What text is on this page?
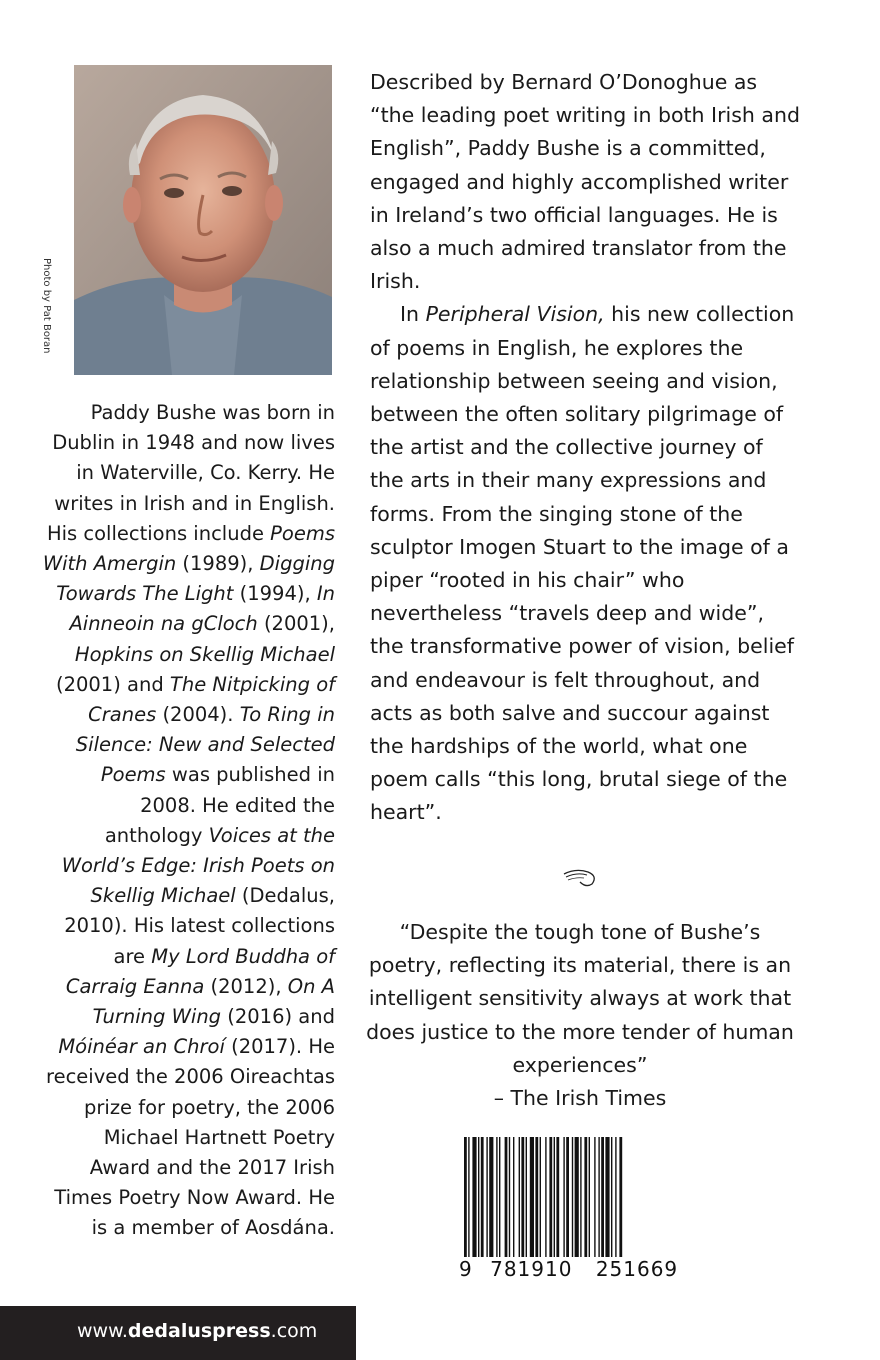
Photo by Pat Boran
Paddy Bushe was born in Dublin in 1948 and now lives in Waterville, Co. Kerry. He writes in Irish and in English. His collections include Poems With Amergin (1989), Digging Towards The Light (1994), In Ainneoin na gCloch (2001), Hopkins on Skellig Michael (2001) and The Nitpicking of Cranes (2004). To Ring in Silence: New and Selected Poems was published in 2008. He edited the anthology Voices at the World’s Edge: Irish Poets on Skellig Michael (Dedalus, 2010). His latest collections are My Lord Buddha of Carraig Eanna (2012), On A Turning Wing (2016) and Móinéar an Chroí (2017). He received the 2006 Oireachtas prize for poetry, the 2006 Michael Hartnett Poetry Award and the 2017 Irish Times Poetry Now Award. He is a member of Aosdána.

Described by Bernard O’Donoghue as “the leading poet writing in both Irish and English”, Paddy Bushe is a committed, engaged and highly accomplished writer in Ireland’s two official languages. He is also a much admired translator from the Irish.

In Peripheral Vision, his new collection of poems in English, he explores the relationship between seeing and vision, between the often solitary pilgrimage of the artist and the collective journey of the arts in their many expressions and forms. From the singing stone of the sculptor Imogen Stuart to the image of a piper “rooted in his chair” who nevertheless “travels deep and wide”, the transformative power of vision, belief and endeavour is felt throughout, and acts as both salve and succour against the hardships of the world, what one poem calls “this long, brutal siege of the heart”.

“Despite the tough tone of Bushe’s poetry, reflecting its material, there is an intelligent sensitivity always at work that does justice to the more tender of human experiences”

– The Irish Times

9 781910 251669
www.dedaluspress.com
